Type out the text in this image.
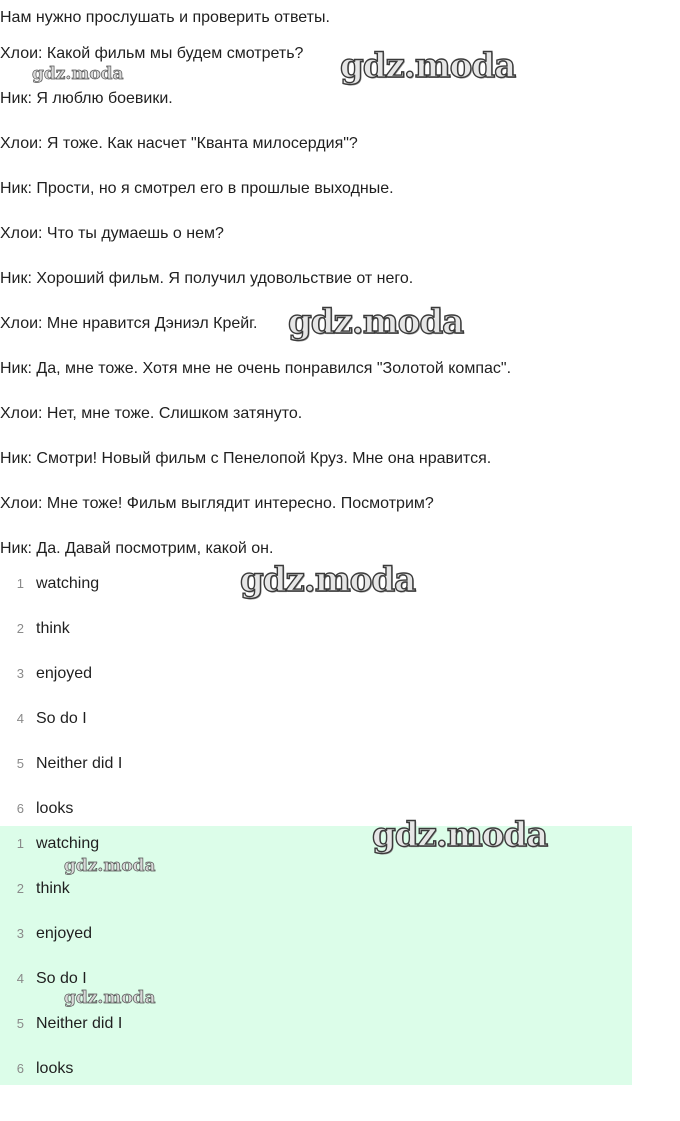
Нам нужно прослушать и проверить ответы.

Хлои: Какой фильм мы будем смотреть?

Ник: Я люблю боевики.

Хлои: Я тоже. Как насчет "Кванта милосердия"?

Ник: Прости, но я смотрел его в прошлые выходные.

Хлои: Что ты думаешь о нем?

Ник: Хороший фильм. Я получил удовольствие от него.

Хлои: Мне нравится Дэниэл Крейг.

Ник: Да, мне тоже. Хотя мне не очень понравился "Золотой компас".

Хлои: Нет, мне тоже. Слишком затянуто.

Ник: Смотри! Новый фильм с Пенелопой Круз. Мне она нравится.

Хлои: Мне тоже! Фильм выглядит интересно. Посмотрим?

Ник: Да. Давай посмотрим, какой он.

1 watching
2 think
3 enjoyed
4 So do I
5 Neither did I
6 looks
1 watching
2 think
3 enjoyed
4 So do I
5 Neither did I
6 looks
gdz.moda
gdz.moda
gdz.moda
gdz.moda
gdz.moda
gdz.moda
gdz.moda
